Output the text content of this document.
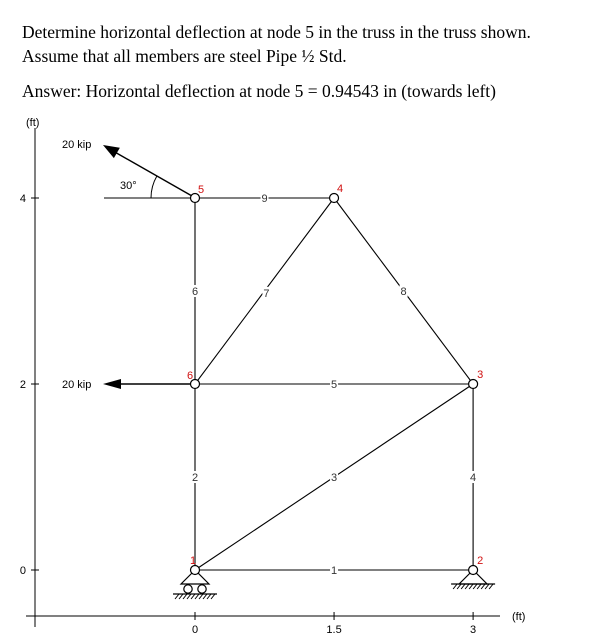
Determine horizontal deflection at node 5 in the truss in the truss shown.

Assume that all members are steel Pipe ½ Std.

Answer: Horizontal deflection at node 5 = 0.94543 in (towards left)

(ft)
(ft)
0	1.5	3
0
2
4
1
2	3	4
5
6	7	8
9
30°
20 kip
20 kip
1	2
3
4
5
6
